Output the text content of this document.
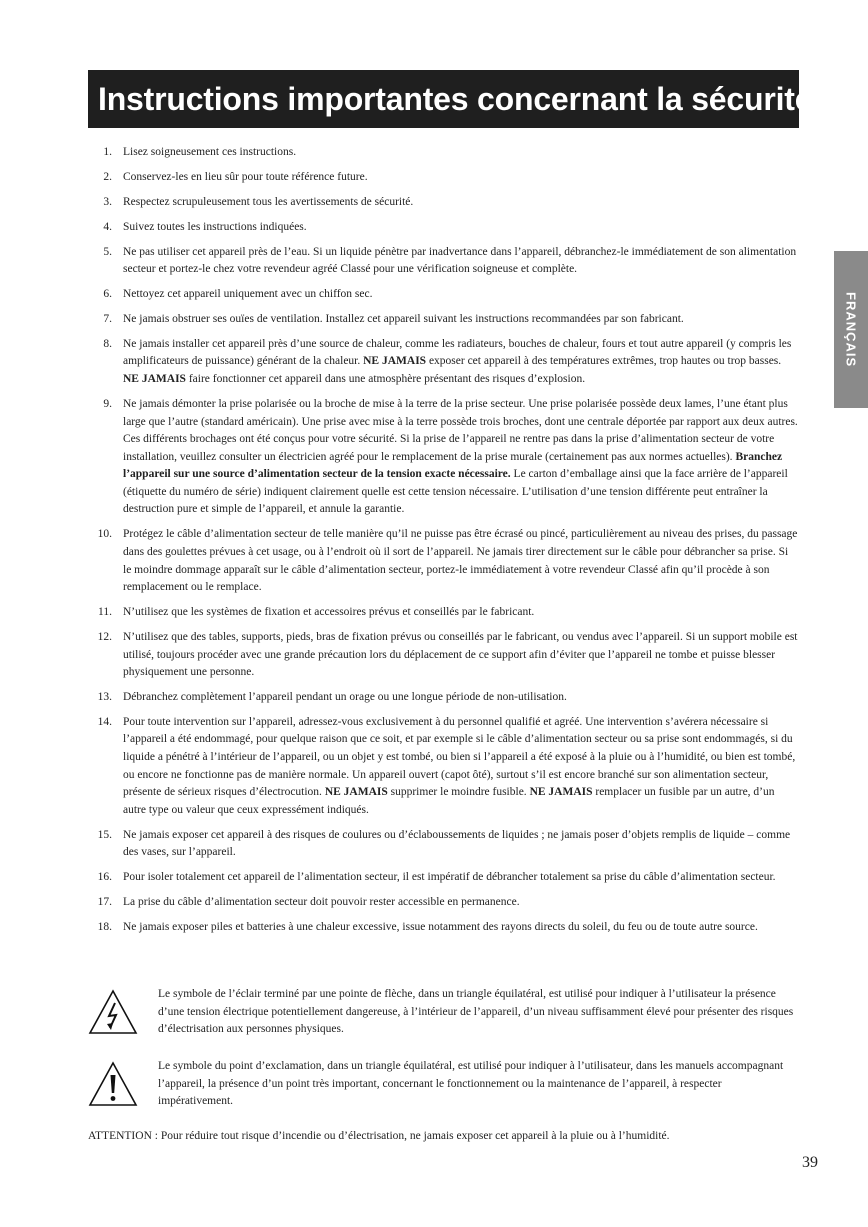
Instructions importantes concernant la sécurité
FRANÇAIS
1. Lisez soigneusement ces instructions.
2. Conservez-les en lieu sûr pour toute référence future.
3. Respectez scrupuleusement tous les avertissements de sécurité.
4. Suivez toutes les instructions indiquées.
5. Ne pas utiliser cet appareil près de l’eau. Si un liquide pénètre par inadvertance dans l’appareil, débranchez-le immédiatement de son alimentation secteur et portez-le chez votre revendeur agréé Classé pour une vérification soigneuse et complète.
6. Nettoyez cet appareil uniquement avec un chiffon sec.
7. Ne jamais obstruer ses ouïes de ventilation. Installez cet appareil suivant les instructions recommandées par son fabricant.
8. Ne jamais installer cet appareil près d’une source de chaleur, comme les radiateurs, bouches de chaleur, fours et tout autre appareil (y compris les amplificateurs de puissance) générant de la chaleur. NE JAMAIS exposer cet appareil à des températures extrêmes, trop hautes ou trop basses. NE JAMAIS faire fonctionner cet appareil dans une atmosphère présentant des risques d’explosion.
9. Ne jamais démonter la prise polarisée ou la broche de mise à la terre de la prise secteur. Une prise polarisée possède deux lames, l’une étant plus large que l’autre (standard américain). Une prise avec mise à la terre possède trois broches, dont une centrale déportée par rapport aux deux autres. Ces différents brochages ont été conçus pour votre sécurité. Si la prise de l’appareil ne rentre pas dans la prise d’alimentation secteur de votre installation, veuillez consulter un électricien agréé pour le remplacement de la prise murale (certainement pas aux normes actuelles). Branchez l’appareil sur une source d’alimentation secteur de la tension exacte nécessaire. Le carton d’emballage ainsi que la face arrière de l’appareil (étiquette du numéro de série) indiquent clairement quelle est cette tension nécessaire. L’utilisation d’une tension différente peut entraîner la destruction pure et simple de l’appareil, et annule la garantie.
10. Protégez le câble d’alimentation secteur de telle manière qu’il ne puisse pas être écrasé ou pincé, particulièrement au niveau des prises, du passage dans des goulettes prévues à cet usage, ou à l’endroit où il sort de l’appareil. Ne jamais tirer directement sur le câble pour débrancher sa prise. Si le moindre dommage apparaît sur le câble d’alimentation secteur, portez-le immédiatement à votre revendeur Classé afin qu’il procède à son remplacement ou le remplace.
11. N’utilisez que les systèmes de fixation et accessoires prévus et conseillés par le fabricant.
12. N’utilisez que des tables, supports, pieds, bras de fixation prévus ou conseillés par le fabricant, ou vendus avec l’appareil. Si un support mobile est utilisé, toujours procéder avec une grande précaution lors du déplacement de ce support afin d’éviter que l’appareil ne tombe et puisse blesser physiquement une personne.
13. Débranchez complètement l’appareil pendant un orage ou une longue période de non-utilisation.
14. Pour toute intervention sur l’appareil, adressez-vous exclusivement à du personnel qualifié et agréé. Une intervention s’avérera nécessaire si l’appareil a été endommagé, pour quelque raison que ce soit, et par exemple si le câble d’alimentation secteur ou sa prise sont endommagés, si du liquide a pénétré à l’intérieur de l’appareil, ou un objet y est tombé, ou bien si l’appareil a été exposé à la pluie ou à l’humidité, ou bien est tombé, ou encore ne fonctionne pas de manière normale. Un appareil ouvert (capot ôté), surtout s’il est encore branché sur son alimentation secteur, présente de sérieux risques d’électrocution. NE JAMAIS supprimer le moindre fusible. NE JAMAIS remplacer un fusible par un autre, d’un autre type ou valeur que ceux expressément indiqués.
15. Ne jamais exposer cet appareil à des risques de coulures ou d’éclaboussements de liquides ; ne jamais poser d’objets remplis de liquide – comme des vases, sur l’appareil.
16. Pour isoler totalement cet appareil de l’alimentation secteur, il est impératif de débrancher totalement sa prise du câble d’alimentation secteur.
17. La prise du câble d’alimentation secteur doit pouvoir rester accessible en permanence.
18. Ne jamais exposer piles et batteries à une chaleur excessive, issue notamment des rayons directs du soleil, du feu ou de toute autre source.
Le symbole de l’éclair terminé par une pointe de flèche, dans un triangle équilatéral, est utilisé pour indiquer à l’utilisateur la présence d’une tension électrique potentiellement dangereuse, à l’intérieur de l’appareil, d’un niveau suffisamment élevé pour présenter des risques d’électrisation aux personnes physiques.
Le symbole du point d’exclamation, dans un triangle équilatéral, est utilisé pour indiquer à l’utilisateur, dans les manuels accompagnant l’appareil, la présence d’un point très important, concernant le fonctionnement ou la maintenance de l’appareil, à respecter impérativement.
ATTENTION : Pour réduire tout risque d’incendie ou d’électrisation, ne jamais exposer cet appareil à la pluie ou à l’humidité.
39
